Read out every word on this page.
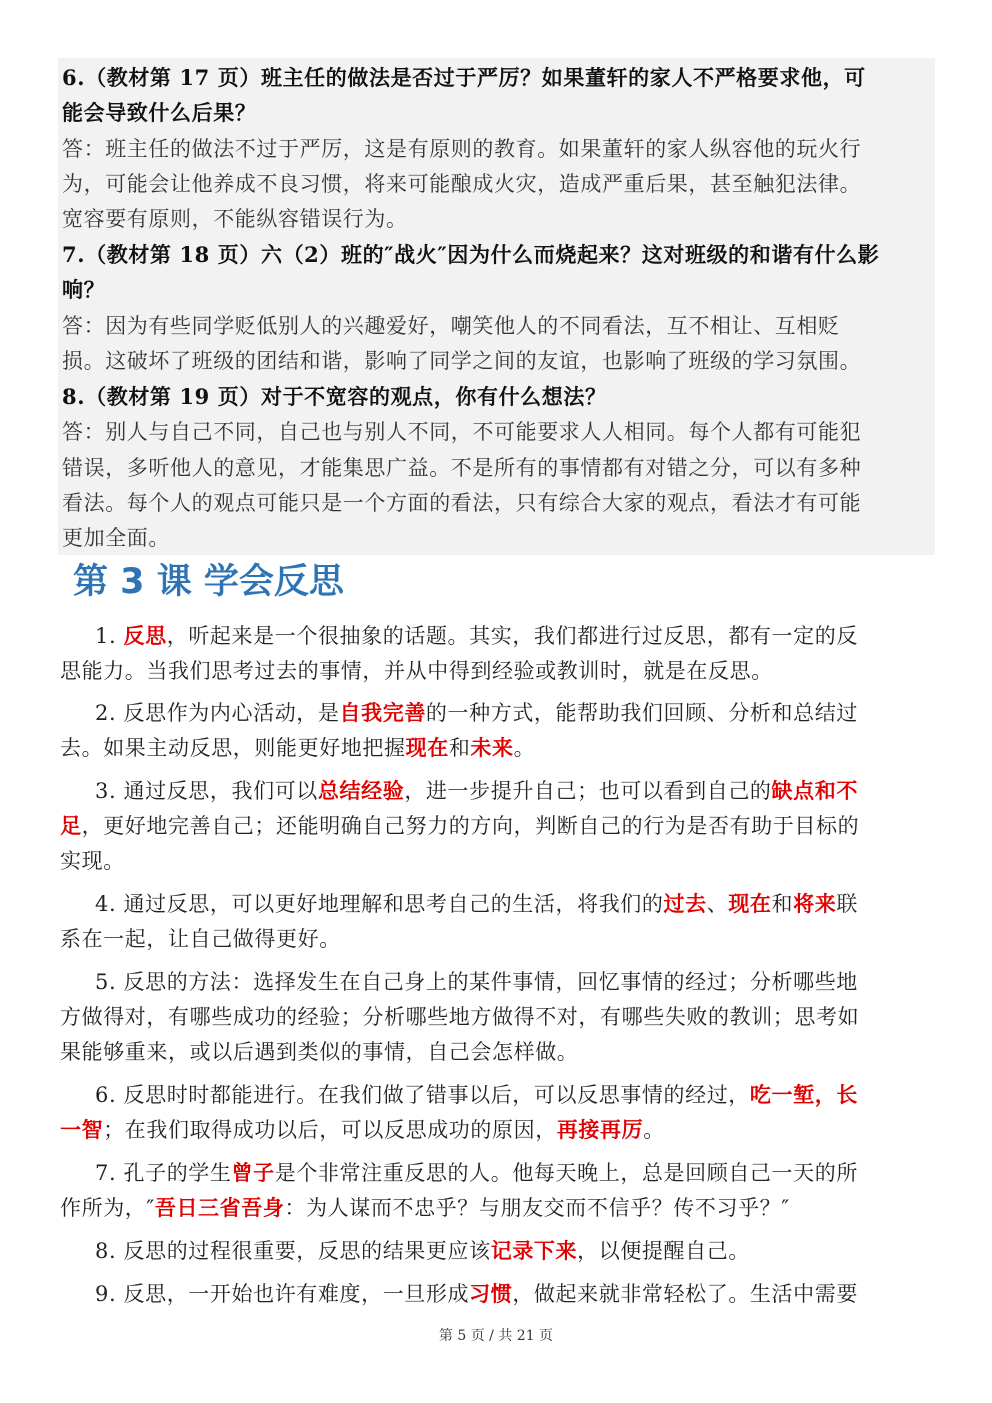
6.（教材第 17 页）班主任的做法是否过于严厉？如果董轩的家人不严格要求他，可
能会导致什么后果？
答：班主任的做法不过于严厉，这是有原则的教育。如果董轩的家人纵容他的玩火行
为，可能会让他养成不良习惯，将来可能酿成火灾，造成严重后果，甚至触犯法律。
宽容要有原则，不能纵容错误行为。
7.（教材第 18 页）六（2）班的″战火″因为什么而烧起来？这对班级的和谐有什么影
响？
答：因为有些同学贬低别人的兴趣爱好，嘲笑他人的不同看法，互不相让、互相贬
损。这破坏了班级的团结和谐，影响了同学之间的友谊，也影响了班级的学习氛围。
8.（教材第 19 页）对于不宽容的观点，你有什么想法？
答：别人与自己不同，自己也与别人不同，不可能要求人人相同。每个人都有可能犯
错误，多听他人的意见，才能集思广益。不是所有的事情都有对错之分，可以有多种
看法。每个人的观点可能只是一个方面的看法，只有综合大家的观点，看法才有可能
更加全面。
第 3 课 学会反思
1. 反思，听起来是一个很抽象的话题。其实，我们都进行过反思，都有一定的反
思能力。当我们思考过去的事情，并从中得到经验或教训时，就是在反思。
2. 反思作为内心活动，是自我完善的一种方式，能帮助我们回顾、分析和总结过
去。如果主动反思，则能更好地把握现在和未来。
3. 通过反思，我们可以总结经验，进一步提升自己；也可以看到自己的缺点和不
足，更好地完善自己；还能明确自己努力的方向，判断自己的行为是否有助于目标的
实现。
4. 通过反思，可以更好地理解和思考自己的生活，将我们的过去、现在和将来联
系在一起，让自己做得更好。
5. 反思的方法：选择发生在自己身上的某件事情，回忆事情的经过；分析哪些地
方做得对，有哪些成功的经验；分析哪些地方做得不对，有哪些失败的教训；思考如
果能够重来，或以后遇到类似的事情，自己会怎样做。
6. 反思时时都能进行。在我们做了错事以后，可以反思事情的经过，吃一堑，长
一智；在我们取得成功以后，可以反思成功的原因，再接再厉。
7. 孔子的学生曾子是个非常注重反思的人。他每天晚上，总是回顾自己一天的所
作所为，″吾日三省吾身：为人谋而不忠乎？与朋友交而不信乎？传不习乎？″
8. 反思的过程很重要，反思的结果更应该记录下来，以便提醒自己。
9. 反思，一开始也许有难度，一旦形成习惯，做起来就非常轻松了。生活中需要
第 5 页 / 共 21 页
